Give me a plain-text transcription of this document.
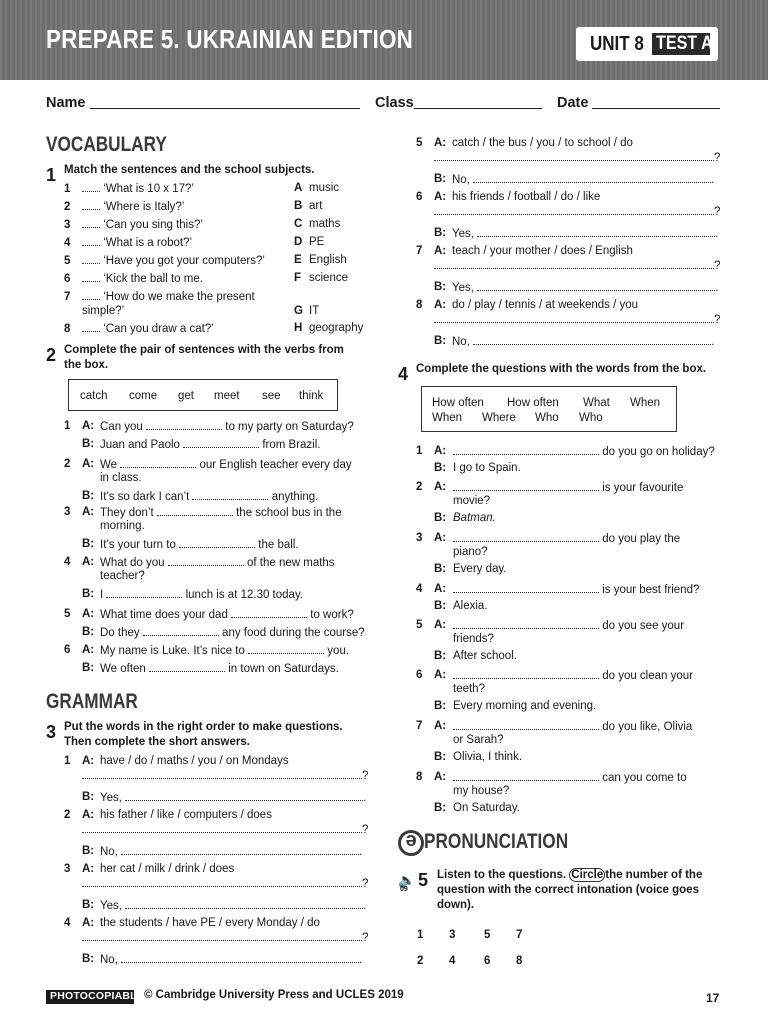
PREPARE 5. UKRAINIAN EDITION	UNIT 8 TEST A
Name	Class	Date
VOCABULARY
1 Match the sentences and the school subjects.
1	‘What is 10 x 17?’	A music
2	‘Where is Italy?’	B art
3	‘Can you sing this?’	C maths
4	‘What is a robot?’	D PE
5	‘Have you got your computers?’	E English
6	‘Kick the ball to me.	F science
7	‘How do we make the present
simple?’	G IT
8	‘Can you draw a cat?’	H geography
2 Complete the pair of sentences with the verbs from
the box.
catch come get meet see think
1 A: Can you	to my party on Saturday?
B: Juan and Paolo	from Brazil.
2 A: We	our English teacher every day
in class.
B: It’s so dark I can’t	anything.
3 A: They don’t	the school bus in the
morning.
B: It’s your turn to	the ball.
4 A: What do you	of the new maths
teacher?
B: I	lunch is at 12.30 today.
5 A: What time does your dad	to work?
B: Do they	any food during the course?
6 A: My name is Luke. It’s nice to	you.
B: We often	in town on Saturdays.
GRAMMAR
3 Put the words in the right order to make questions.
Then complete the short answers.
1 A: have / do / maths / you / on Mondays
?
B: Yes,	.
2 A: his father / like / computers / does
?
B: No,	.
3 A: her cat / milk / drink / does
?
B: Yes,	.
4 A: the students / have PE / every Monday / do
?
B: No,	.
5 A: catch / the bus / you / to school / do
?
B: No,	.
6 A: his friends / football / do / like
?
B: Yes,	.
7 A: teach / your mother / does / English
?
B: Yes,	.
8 A: do / play / tennis / at weekends / you
?
B: No,	.
4 Complete the questions with the words from the box.
How often How often What When
When Where Who Who
1 A:	do you go on holiday?
B: I go to Spain.
2 A:	is your favourite
movie?
B: Batman.
3 A:	do you play the
piano?
B: Every day.
4 A:	is your best friend?
B: Alexia.
5 A:	do you see your
friends?
B: After school.
6 A:	do you clean your
teeth?
B: Every morning and evening.
7 A:	do you like, Olivia
or Sarah?
B: Olivia, I think.
8 A:	can you come to
my house?
B: On Saturday.
ə PRONUNCIATION
🔈
09 5 Listen to the questions. Circle the number of the
question with the correct intonation (voice goes
down).
1 3 5 7
2 4 6 8
PHOTOCOPIABLE © Cambridge University Press and UCLES 2019	17
